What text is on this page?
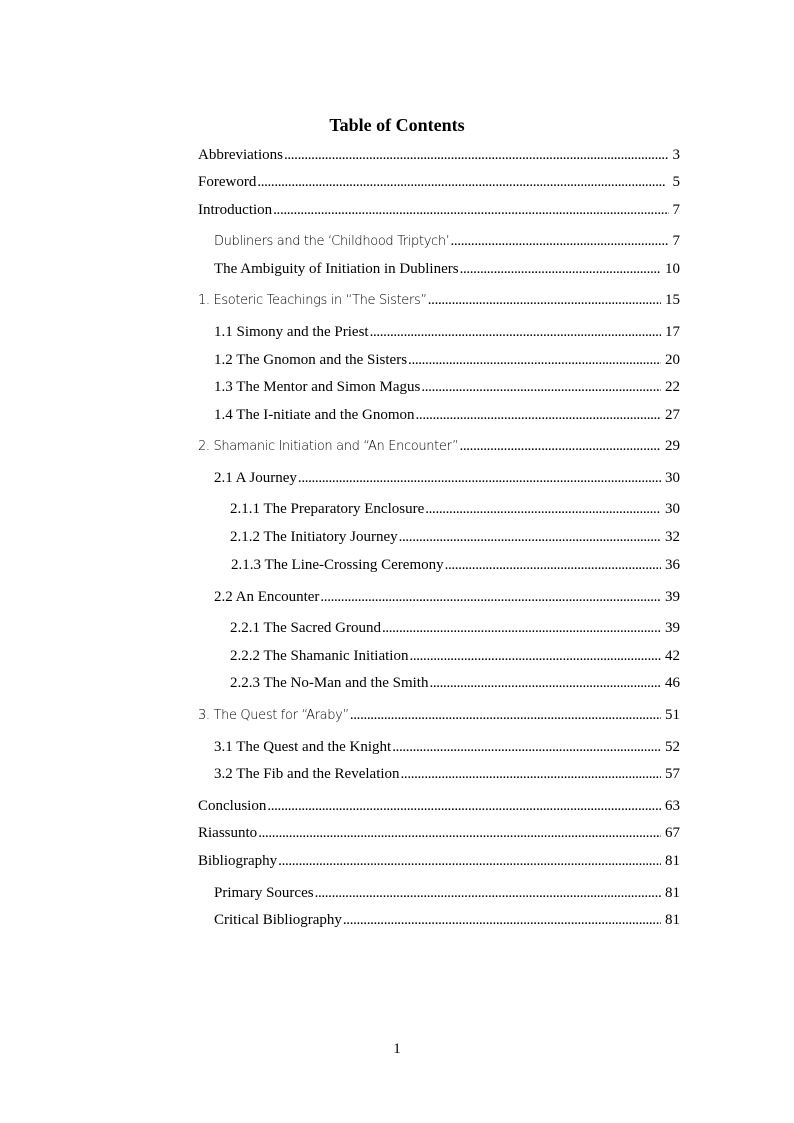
Table of Contents
Abbreviations . . .	3
Foreword . . .	5
Introduction . . .	7
Dubliners and the ‘Childhood Triptych’ . . .	7
The Ambiguity of Initiation in Dubliners . . .	10
1. Esoteric Teachings in “The Sisters” . . .	15
1.1 Simony and the Priest . . .	17
1.2 The Gnomon and the Sisters . . .	20
1.3 The Mentor and Simon Magus . . .	22
1.4 The I-nitiate and the Gnomon . . .	27
2. Shamanic Initiation and “An Encounter” . . .	29
2.1 A Journey . . .	30
2.1.1 The Preparatory Enclosure . . .	30
2.1.2 The Initiatory Journey . . .	32
2.1.3 The Line-Crossing Ceremony . . .	36
2.2 An Encounter . . .	39
2.2.1 The Sacred Ground . . .	39
2.2.2 The Shamanic Initiation . . .	42
2.2.3 The No-Man and the Smith . . .	46
3. The Quest for “Araby” . . .	51
3.1 The Quest and the Knight . . .	52
3.2 The Fib and the Revelation . . .	57
Conclusion . . .	63
Riassunto . . .	67
Bibliography . . .	81
Primary Sources . . .	81
Critical Bibliography . . .	81
1
